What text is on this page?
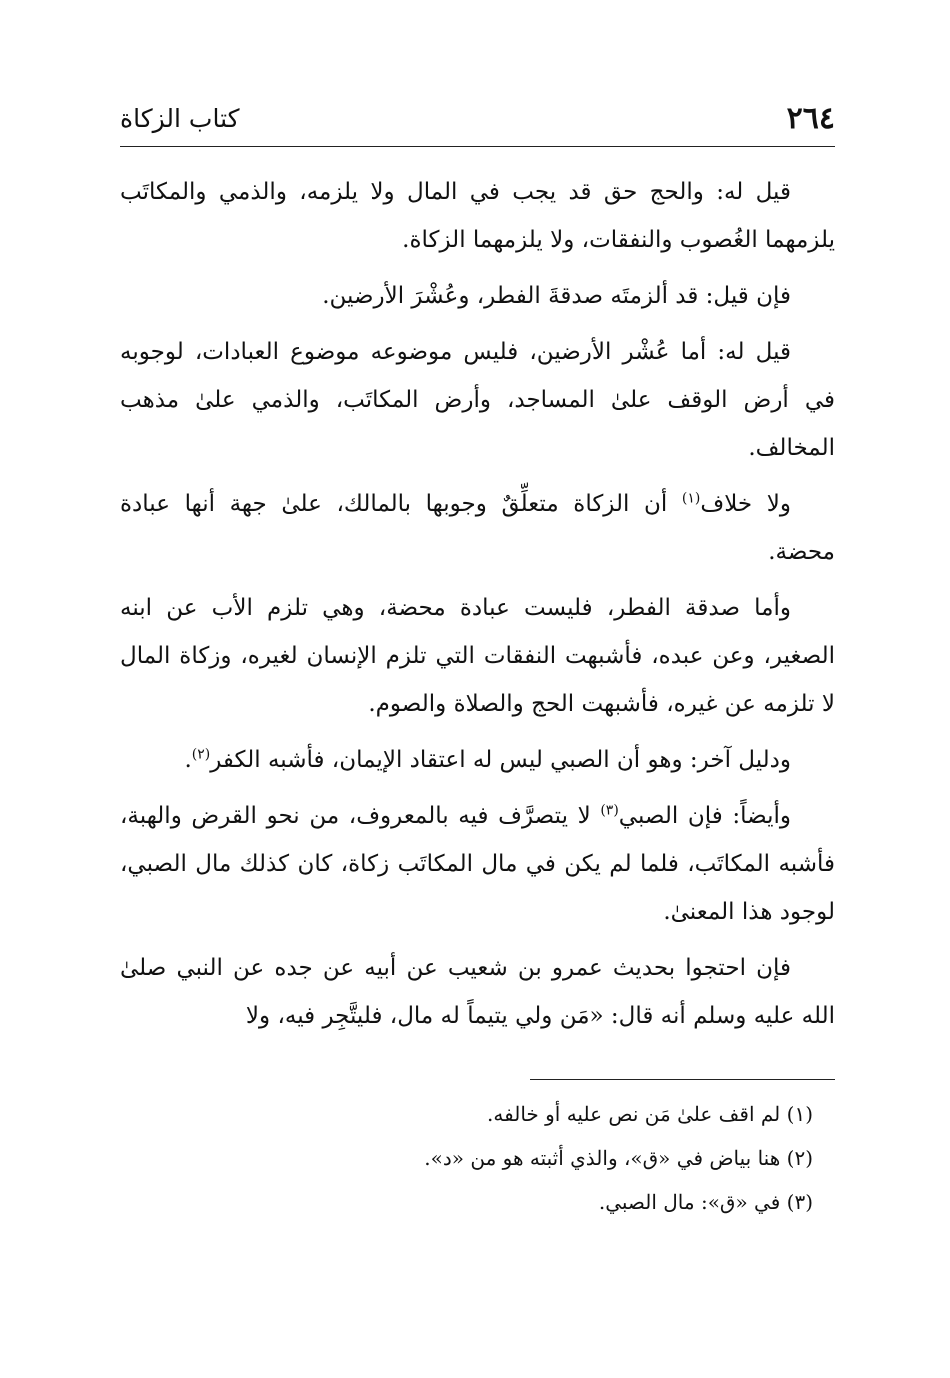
٢٦٤
كتاب الزكاة

قيل له: والحج حق قد يجب في المال ولا يلزمه، والذمي والمكاتَب يلزمهما الغُصوب والنفقات، ولا يلزمهما الزكاة.

فإن قيل: قد ألزمتَه صدقةَ الفطر، وعُشْرَ الأرضين.

قيل له: أما عُشْر الأرضين، فليس موضوعه موضوع العبادات، لوجوبه في أرض الوقف علىٰ المساجد، وأرض المكاتَب، والذمي علىٰ مذهب المخالف.

ولا خلاف$^{(١)}$ أن الزكاة متعلِّقٌ وجوبها بالمالك، علىٰ جهة أنها عبادة محضة.

وأما صدقة الفطر، فليست عبادة محضة، وهي تلزم الأب عن ابنه الصغير، وعن عبده، فأشبهت النفقات التي تلزم الإنسان لغيره، وزكاة المال لا تلزمه عن غيره، فأشبهت الحج والصلاة والصوم.

ودليل آخر: وهو أن الصبي ليس له اعتقاد الإيمان، فأشبه الكفر$^{(٢)}$.

وأيضاً: فإن الصبي$^{(٣)}$ لا يتصرَّف فيه بالمعروف، من نحو القرض والهبة، فأشبه المكاتَب، فلما لم يكن في مال المكاتَب زكاة، كان كذلك مال الصبي، لوجود هذا المعنىٰ.

فإن احتجوا بحديث عمرو بن شعيب عن أبيه عن جده عن النبي صلىٰ الله عليه وسلم أنه قال: «مَن ولي يتيماً له مال، فليتَّجِر فيه، ولا

(١) لم اقف علىٰ مَن نص عليه أو خالفه.

(٢) هنا بياض في «ق»، والذي أثبته هو من «د».

(٣) في «ق»: مال الصبي.
